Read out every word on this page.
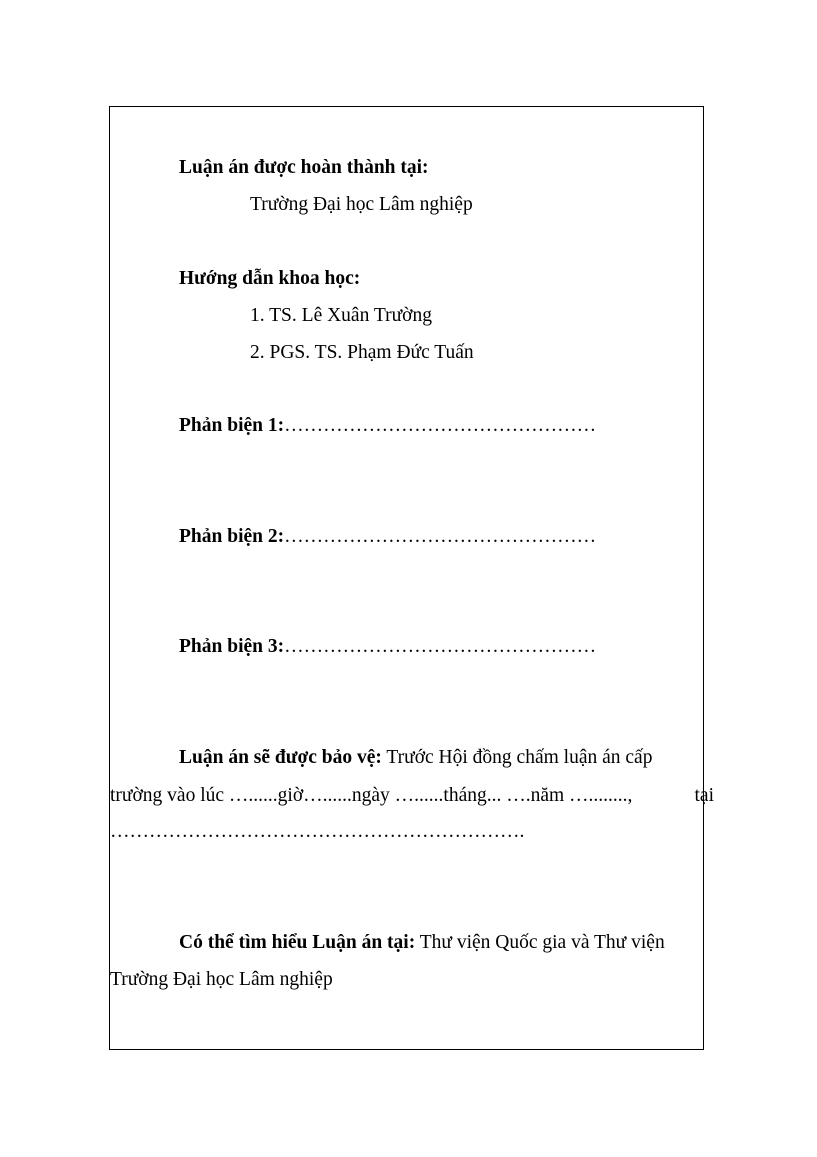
Luận án được hoàn thành tại:
Trường Đại học Lâm nghiệp
Hướng dẫn khoa học:
1. TS. Lê Xuân Trường
2. PGS. TS. Phạm Đức Tuấn
Phản biện 1:…………………………………………
Phản biện 2:…………………………………………
Phản biện 3:…………………………………………
Luận án sẽ được bảo vệ: Trước Hội đồng chấm luận án cấp
trường vào lúc …......giờ…......ngày …......tháng... ….năm …........,	tại
……………………………………………………….
Có thể tìm hiểu Luận án tại: Thư viện Quốc gia và Thư viện
Trường Đại học Lâm nghiệp
